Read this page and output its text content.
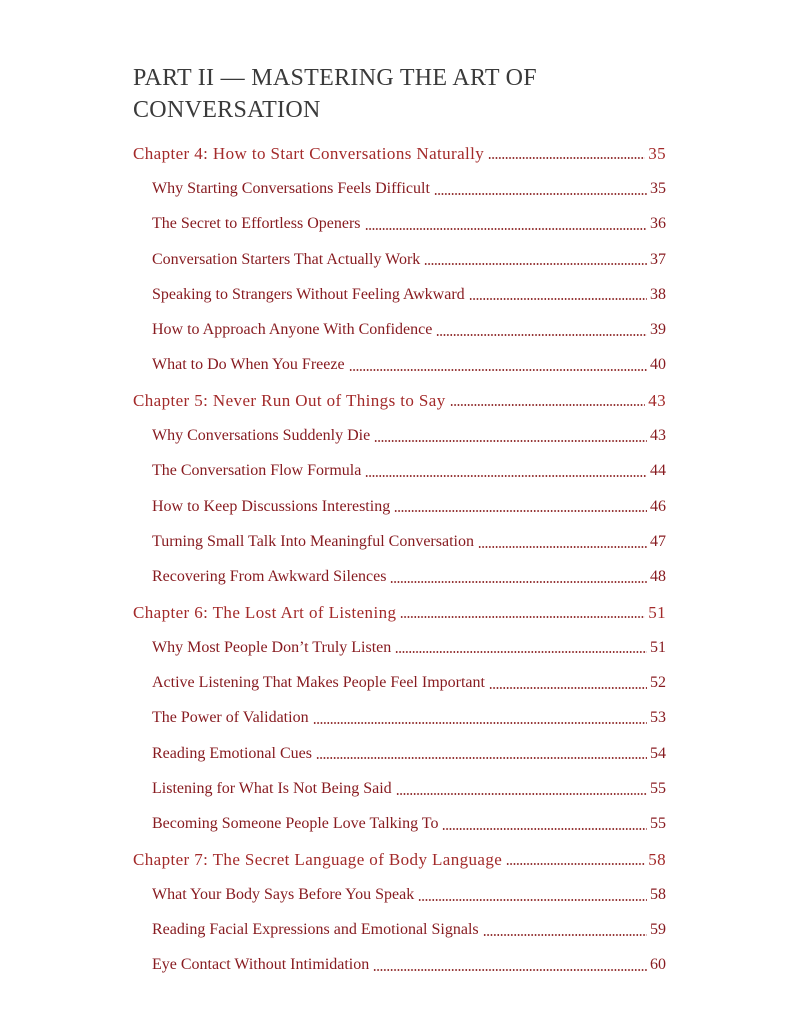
PART II — MASTERING THE ART OF CONVERSATION
Chapter 4: How to Start Conversations Naturally	35
Why Starting Conversations Feels Difficult	35
The Secret to Effortless Openers	36
Conversation Starters That Actually Work	37
Speaking to Strangers Without Feeling Awkward	38
How to Approach Anyone With Confidence	39
What to Do When You Freeze	40
Chapter 5: Never Run Out of Things to Say	43
Why Conversations Suddenly Die	43
The Conversation Flow Formula	44
How to Keep Discussions Interesting	46
Turning Small Talk Into Meaningful Conversation	47
Recovering From Awkward Silences	48
Chapter 6: The Lost Art of Listening	51
Why Most People Don’t Truly Listen	51
Active Listening That Makes People Feel Important	52
The Power of Validation	53
Reading Emotional Cues	54
Listening for What Is Not Being Said	55
Becoming Someone People Love Talking To	55
Chapter 7: The Secret Language of Body Language	58
What Your Body Says Before You Speak	58
Reading Facial Expressions and Emotional Signals	59
Eye Contact Without Intimidation	60
